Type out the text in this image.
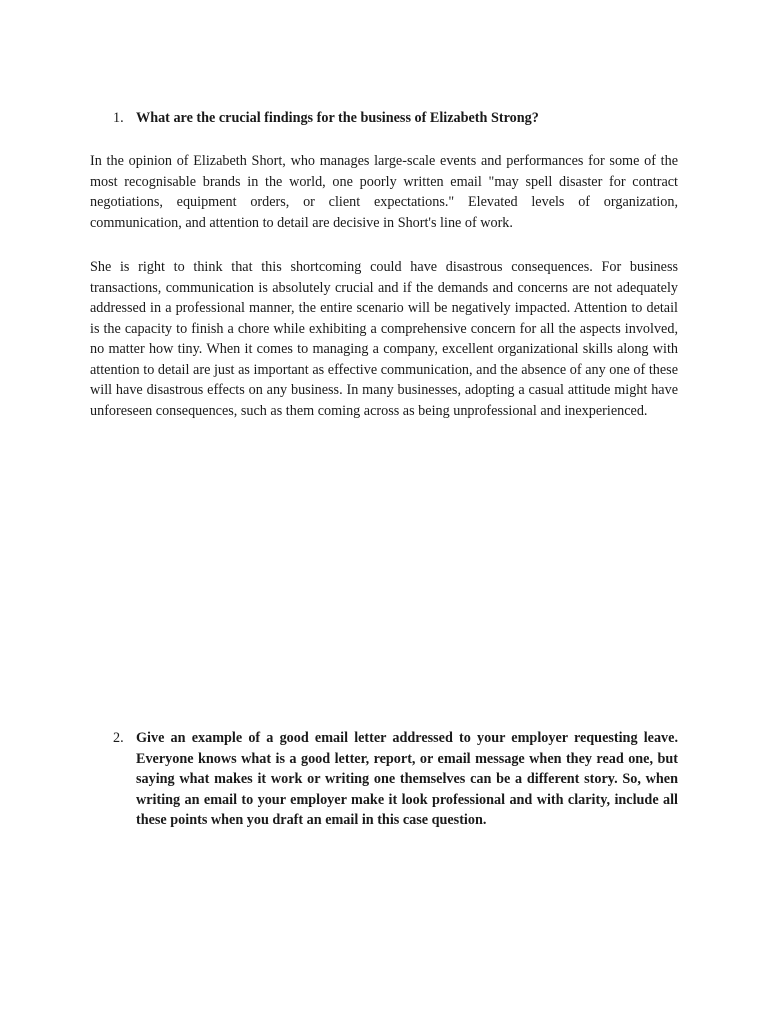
1. What are the crucial findings for the business of Elizabeth Strong?

In the opinion of Elizabeth Short, who manages large-scale events and performances for some of the most recognisable brands in the world, one poorly written email "may spell disaster for contract negotiations, equipment orders, or client expectations." Elevated levels of organization, communication, and attention to detail are decisive in Short's line of work.

She is right to think that this shortcoming could have disastrous consequences. For business transactions, communication is absolutely crucial and if the demands and concerns are not adequately addressed in a professional manner, the entire scenario will be negatively impacted. Attention to detail is the capacity to finish a chore while exhibiting a comprehensive concern for all the aspects involved, no matter how tiny. When it comes to managing a company, excellent organizational skills along with attention to detail are just as important as effective communication, and the absence of any one of these will have disastrous effects on any business. In many businesses, adopting a casual attitude might have unforeseen consequences, such as them coming across as being unprofessional and inexperienced.

2. Give an example of a good email letter addressed to your employer requesting leave. Everyone knows what is a good letter, report, or email message when they read one, but saying what makes it work or writing one themselves can be a different story. So, when writing an email to your employer make it look professional and with clarity, include all these points when you draft an email in this case question.
